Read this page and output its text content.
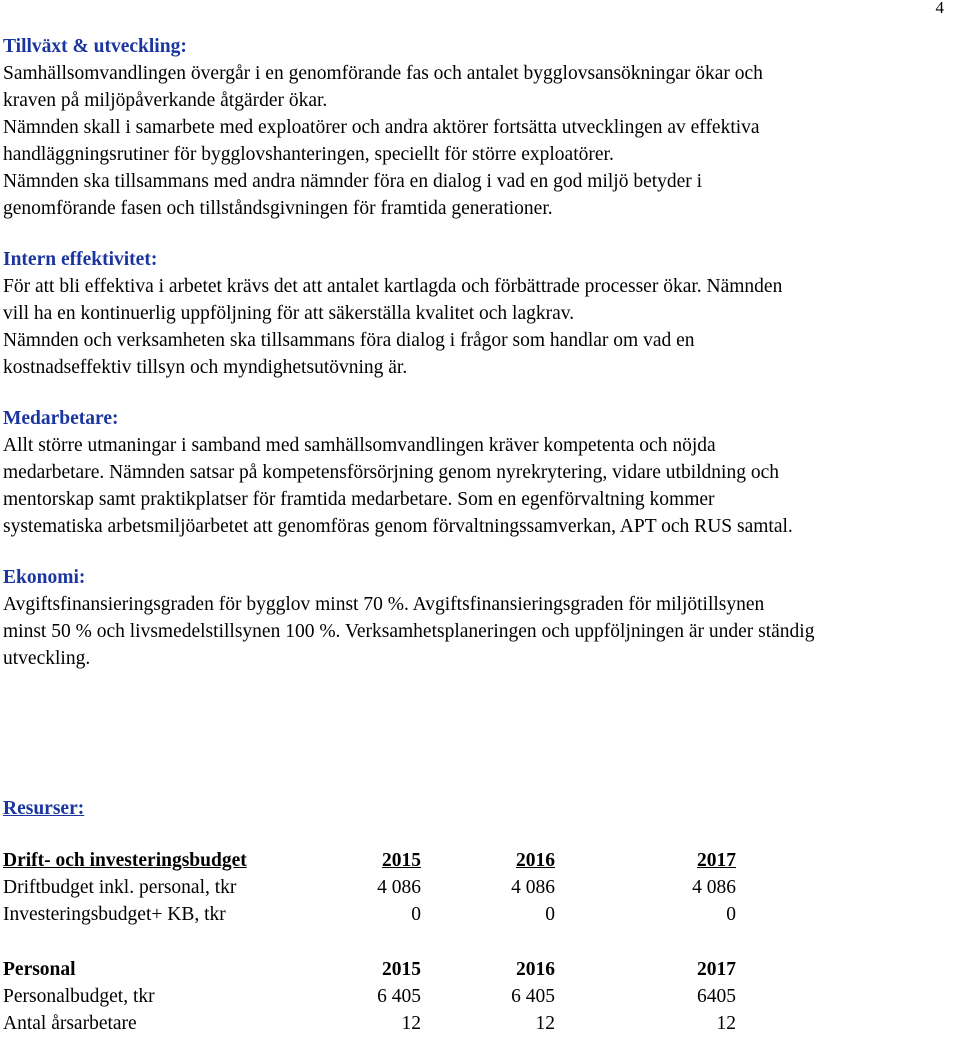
4
Tillväxt & utveckling:
Samhällsomvandlingen övergår i en genomförande fas och antalet bygglovsansökningar ökar och
kraven på miljöpåverkande åtgärder ökar.
Nämnden skall i samarbete med exploatörer och andra aktörer fortsätta utvecklingen av effektiva
handläggningsrutiner för bygglovshanteringen, speciellt för större exploatörer.
Nämnden ska tillsammans med andra nämnder föra en dialog i vad en god miljö betyder i
genomförande fasen och tillståndsgivningen för framtida generationer.
Intern effektivitet:
För att bli effektiva i arbetet krävs det att antalet kartlagda och förbättrade processer ökar. Nämnden
vill ha en kontinuerlig uppföljning för att säkerställa kvalitet och lagkrav.
Nämnden och verksamheten ska tillsammans föra dialog i frågor som handlar om vad en
kostnadseffektiv tillsyn och myndighetsutövning är.
Medarbetare:
Allt större utmaningar i samband med samhällsomvandlingen kräver kompetenta och nöjda
medarbetare. Nämnden satsar på kompetensförsörjning genom nyrekrytering, vidare utbildning och
mentorskap samt praktikplatser för framtida medarbetare. Som en egenförvaltning kommer
systematiska arbetsmiljöarbetet att genomföras genom förvaltningssamverkan, APT och RUS samtal.
Ekonomi:
Avgiftsfinansieringsgraden för bygglov minst 70 %. Avgiftsfinansieringsgraden för miljötillsynen
minst 50 % och livsmedelstillsynen 100 %. Verksamhetsplaneringen och uppföljningen är under ständig
utveckling.
Resurser:
Drift- och investeringsbudget	2015	2016	2017
Driftbudget inkl. personal, tkr	4 086	4 086	4 086
Investeringsbudget+ KB, tkr	0	0	0
Personal	2015	2016	2017
Personalbudget, tkr	6 405	6 405	6405
Antal årsarbetare	12	12	12
